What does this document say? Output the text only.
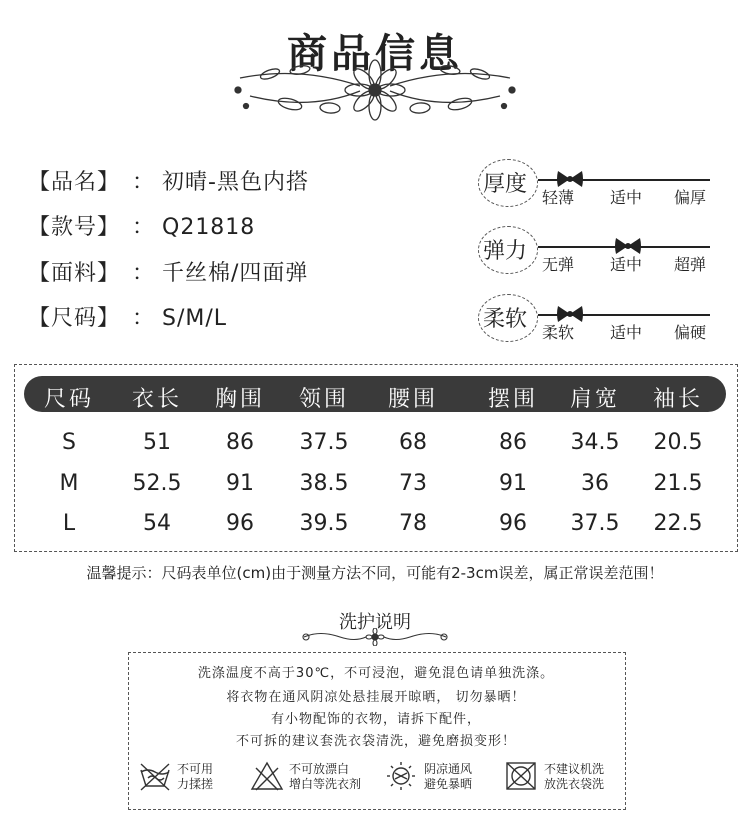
商品信息
【品名】 ： 初晴-黑色内搭
【款号】 ： Q21818
【面料】 ： 千丝棉/四面弹
【尺码】 ： S/M/L
厚度
轻薄 适中 偏厚
弹力
无弹 适中 超弹
柔软
柔软 适中 偏硬
尺码	衣长	胸围	领围	腰围	摆围	肩宽	袖长
S	51	86	37.5	68	86	34.5	20.5
M	52.5	91	38.5	73	91	36	21.5
L	54	96	39.5	78	96	37.5	22.5
温馨提示：尺码表单位(cm)由于测量方法不同，可能有2-3cm误差，属正常误差范围！
洗护说明
洗涤温度不高于30℃，不可浸泡，避免混色请单独洗涤。
将衣物在通风阴凉处悬挂展开晾晒， 切勿暴晒！
有小物配饰的衣物，请拆下配件，
不可拆的建议套洗衣袋清洗，避免磨损变形！
不可用
力揉搓
不可放漂白
增白等洗衣剂
阴凉通风
避免暴晒
不建议机洗
放洗衣袋洗
